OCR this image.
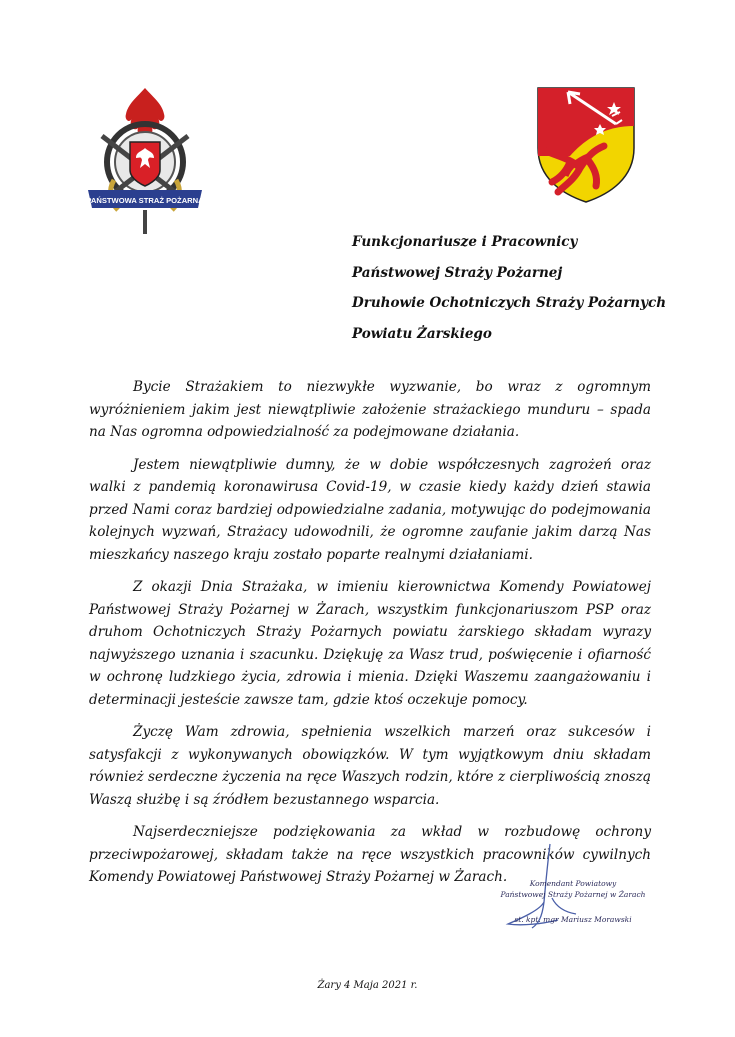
PAŃSTWOWA STRAŻ POŻARNA
Funkcjonariusze i Pracownicy
Państwowej Straży Pożarnej
Druhowie Ochotniczych Straży Pożarnych
Powiatu Żarskiego

Bycie Strażakiem to niezwykłe wyzwanie, bo wraz z ogromnym wyróżnieniem jakim jest niewątpliwie założenie strażackiego munduru – spada na Nas ogromna odpowiedzialność za podejmowane działania.

Jestem niewątpliwie dumny, że w dobie współczesnych zagrożeń oraz walki z pandemią koronawirusa Covid-19, w czasie kiedy każdy dzień stawia przed Nami coraz bardziej odpowiedzialne zadania, motywując do podejmowania kolejnych wyzwań, Strażacy udowodnili, że ogromne zaufanie jakim darzą Nas mieszkańcy naszego kraju zostało poparte realnymi działaniami.

Z okazji Dnia Strażaka, w imieniu kierownictwa Komendy Powiatowej Państwowej Straży Pożarnej w Żarach, wszystkim funkcjonariuszom PSP oraz druhom Ochotniczych Straży Pożarnych powiatu żarskiego składam wyrazy najwyższego uznania i szacunku. Dziękuję za Wasz trud, poświęcenie i ofiarność w ochronę ludzkiego życia, zdrowia i mienia. Dzięki Waszemu zaangażowaniu i determinacji jesteście zawsze tam, gdzie ktoś oczekuje pomocy.

Życzę Wam zdrowia, spełnienia wszelkich marzeń oraz sukcesów i satysfakcji z wykonywanych obowiązków. W tym wyjątkowym dniu składam również serdeczne życzenia na ręce Waszych rodzin, które z cierpliwością znoszą Waszą służbę i są źródłem bezustannego wsparcia.

Najserdeczniejsze podziękowania za wkład w rozbudowę ochrony przeciwpożarowej, składam także na ręce wszystkich pracowników cywilnych Komendy Powiatowej Państwowej Straży Pożarnej w Żarach.	Komendant Powiatowy
Państwowej Straży Pożarnej w Żarach
st. kpt. mgr Mariusz Morawski
Żary 4 Maja 2021 r.
